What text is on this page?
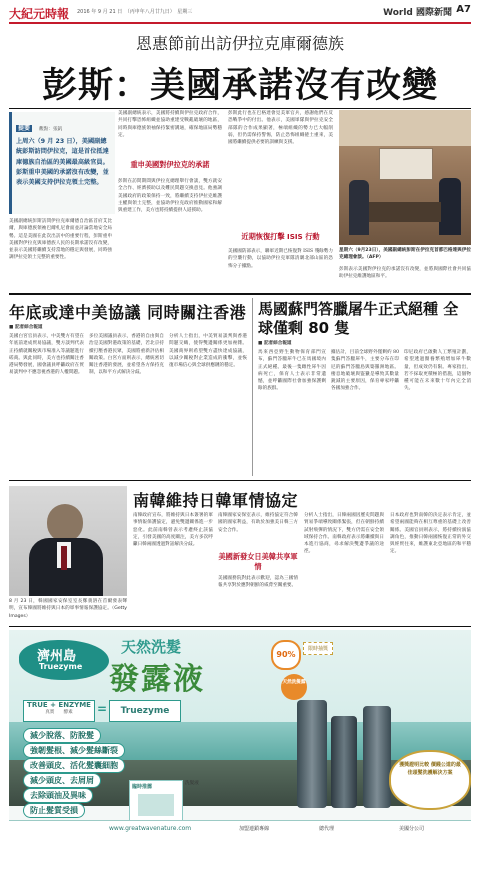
大紀元時報 2016 年 9 月 21 日　（丙申年八月廿九日）　星期三	World 國際新聞 A7
恩惠節前出訪伊拉克庫爾德族
彭斯：美國承諾沒有改變
提要 觀點：張凱
上周六（9 月 23 日），美國副總統彭斯訪問伊拉克，這是首位抵達庫德族自治區的美國最高級官員。彭斯重申美國的承諾沒有改變，並表示美國支持伊拉克領土完整。
美國副總統彭斯訪問伊拉克庫爾德自治區首府艾比爾，與庫德族領袖巴爾札尼會面並討論當地安全局勢。這是美國在此次出訪中的重要行程，彭斯重申美國對伊拉克與庫德族人民的長期承諾沒有改變，並表示美國將繼續支持當地的穩定與發展，同時強調伊拉克領土完整的重要性。
美國副總統表示，美國將持續與伊拉克政府合作，共同打擊恐怖組織並協助重建受戰亂破壞的地區，同時與庫德族領袖保持緊密溝通，確保地區局勢穩定。
重申美國對伊拉克的承諾
彭斯在訪問期間與伊拉克總理舉行會談，雙方就安全合作、經濟援助以及難民問題交換意見。他強調美國政府的政策保持一致，將繼續支持伊拉克維護主權與領土完整，並協助伊拉克政府推動國家和解與重建工作，美方也將持續提供人道援助。
彭斯此行也在巴格達會見美軍官兵，感謝他們在反恐戰爭中的付出。他表示，美國軍隊與伊拉克安全部隊的合作成果顯著，極端組織的勢力已大幅削弱，但仍需保持警惕，防止恐怖組織捲土重來，美國將繼續提供必要的訓練與支援。
近期恢復打擊 ISIS 行動
美國國防部表示，聯軍近期已恢復對 ISIS 殘餘勢力的空襲行動，以協助伊拉克軍隊清剿北部山區的恐怖分子據點。
星期六（9月23日），美國副總統彭斯在伊拉克首都巴格達與伊拉克總理會談。（AFP）
彭斯表示美國對伊拉克的承諾沒有改變，並將與國際社會共同協助伊拉克維護地區和平。
年底或達中美協議 同時關注香港
■ 記者綜合報道
美國白宮官員表示，中美雙方有望在年底前達成貿易協議，雙方談判代表正持續就關稅與市場准入等議題進行磋商。與此同時，美方也持續關注香港局勢發展，國會議員呼籲政府在貿易談判中不應忽視香港的人權問題。
多位美國議員表示，香港的自由與自治是美國對港政策的基礎，若北京持續打壓香港民眾，美國將重新評估相關政策。白宮方面則表示，總統密切關注香港的發展，並希望各方保持克制，以和平方式解決分歧。
分析人士指出，中美貿易談判與香港問題交織，使得雙邊關係更加複雜。美國商界則希望雙方盡快達成協議，以減少關稅對企業造成的衝擊，並恢復市場信心與全球供應鏈的穩定。
馬國蘇門答臘屠牛正式絕種 全球僅剩 80 隻
■ 記者綜合報道
馬來西亞野生動物保育部門宣布，蘇門答臘犀牛已在馬國境內正式絕種。最後一隻雌性犀牛因病死亡，保育人士表示非常遺憾，並呼籲國際社會加強保護剩餘的族群。
據估計，目前全球野外僅剩約 80 隻蘇門答臘犀牛，主要分布在印尼的蘇門答臘島與婆羅洲地區。棲息地破壞與盜獵是導致其數量銳減的主要原因，保育專家呼籲各國加強合作。
印尼政府已啟動人工繁殖計劃，希望透過圈養繁殖增加犀牛數量，但成效仍有限。專家指出，若不採取更積極的措施，這個物種可能在未來數十年內完全消失。
8 月 23 日，韓國國家安保室室長鄭義溶在首爾發表聲明，宣布韓國將維持與日本的軍事情報保護協定。（Getty Images）
南韓維持日韓軍情協定
南韓政府宣布，將維持與日本簽署的軍事情報保護協定，避免雙邊關係進一步惡化。此前南韓曾表示考慮終止該協定，引發美國的高度關注，美方多次呼籲日韓兩國透過對話解決分歧。
美國新發女日美韓共享軍情
南韓國家安保室表示，維持協定符合韓國的國家利益，有助於加強美日韓三方安全合作。
美國國務院對此表示歡迎，認為三國情報共享對於應對朝鮮的威脅至關重要。
分析人士指出，日韓兩國因歷史問題與貿易爭端導致關係緊張，但在朝鮮持續試射飛彈的情況下，雙方仍需在安全領域保持合作。南韓政府表示將繼續與日本進行協商，尋求解決雙邊爭議的途徑。
日本政府也對南韓的決定表示肯定，並希望兩國能夠在相互尊重的基礎上改善關係。美國官員則表示，將持續扮演協調角色，推動日韓兩國恢復正常的外交與經貿往來，維護東北亞地區的和平穩定。
濟州島
Truezyme
天然洗髮
發露液
TRUE + ENZYME
真實　　酵素	=	Truezyme
減少脫落、防脫髮
強韌髮根、減少髮絲斷裂
改善頭皮、活化髮囊細胞
減少頭皮、去屑屑
去除頭油及異味
防止髮質受損
臨時推薦
洗髮液
90%
限時抽獎
天然洗髮露
獲獎證明比較 價錢公道的最佳頭髮洗護解決方案
www.greatwavenature.com	加盟連鎖專線	總代理	美國分公司
